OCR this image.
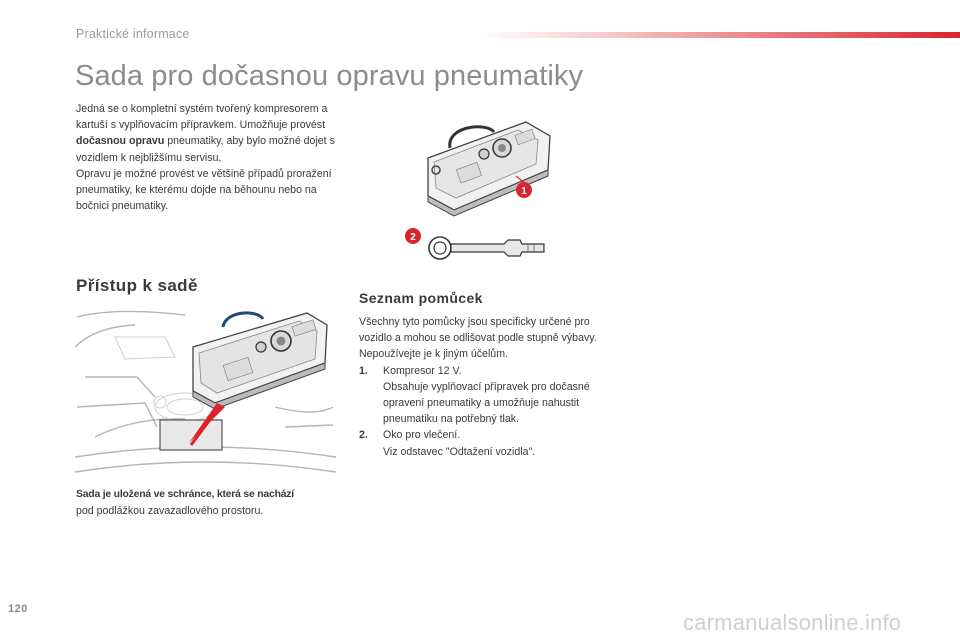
Praktické informace
Sada pro dočasnou opravu pneumatiky

Jedná se o kompletní systém tvořený kompresorem a kartuší s vyplňovacím přípravkem. Umožňuje provést dočasnou opravu pneumatiky, aby bylo možné dojet s vozidlem k nejbližšímu servisu.

Opravu je možné provést ve většině případů proražení pneumatiky, ke kterému dojde na běhounu nebo na bočnici pneumatiky.

1
2
Přístup k sadě
Seznam pomůcek
Sada je uložená ve schránce, která se nachází
pod podlážkou zavazadlového prostoru.

Všechny tyto pomůcky jsou specificky určené pro vozidlo a mohou se odlišovat podle stupně výbavy. Nepoužívejte je k jiným účelům.

1.	Kompresor 12 V.
Obsahuje vyplňovací přípravek pro dočasné opravení pneumatiky a umožňuje nahustit pneumatiku na potřebný tlak.
2.	Oko pro vlečení.
Viz odstavec "Odtažení vozidla".
120
carmanualsonline.info
